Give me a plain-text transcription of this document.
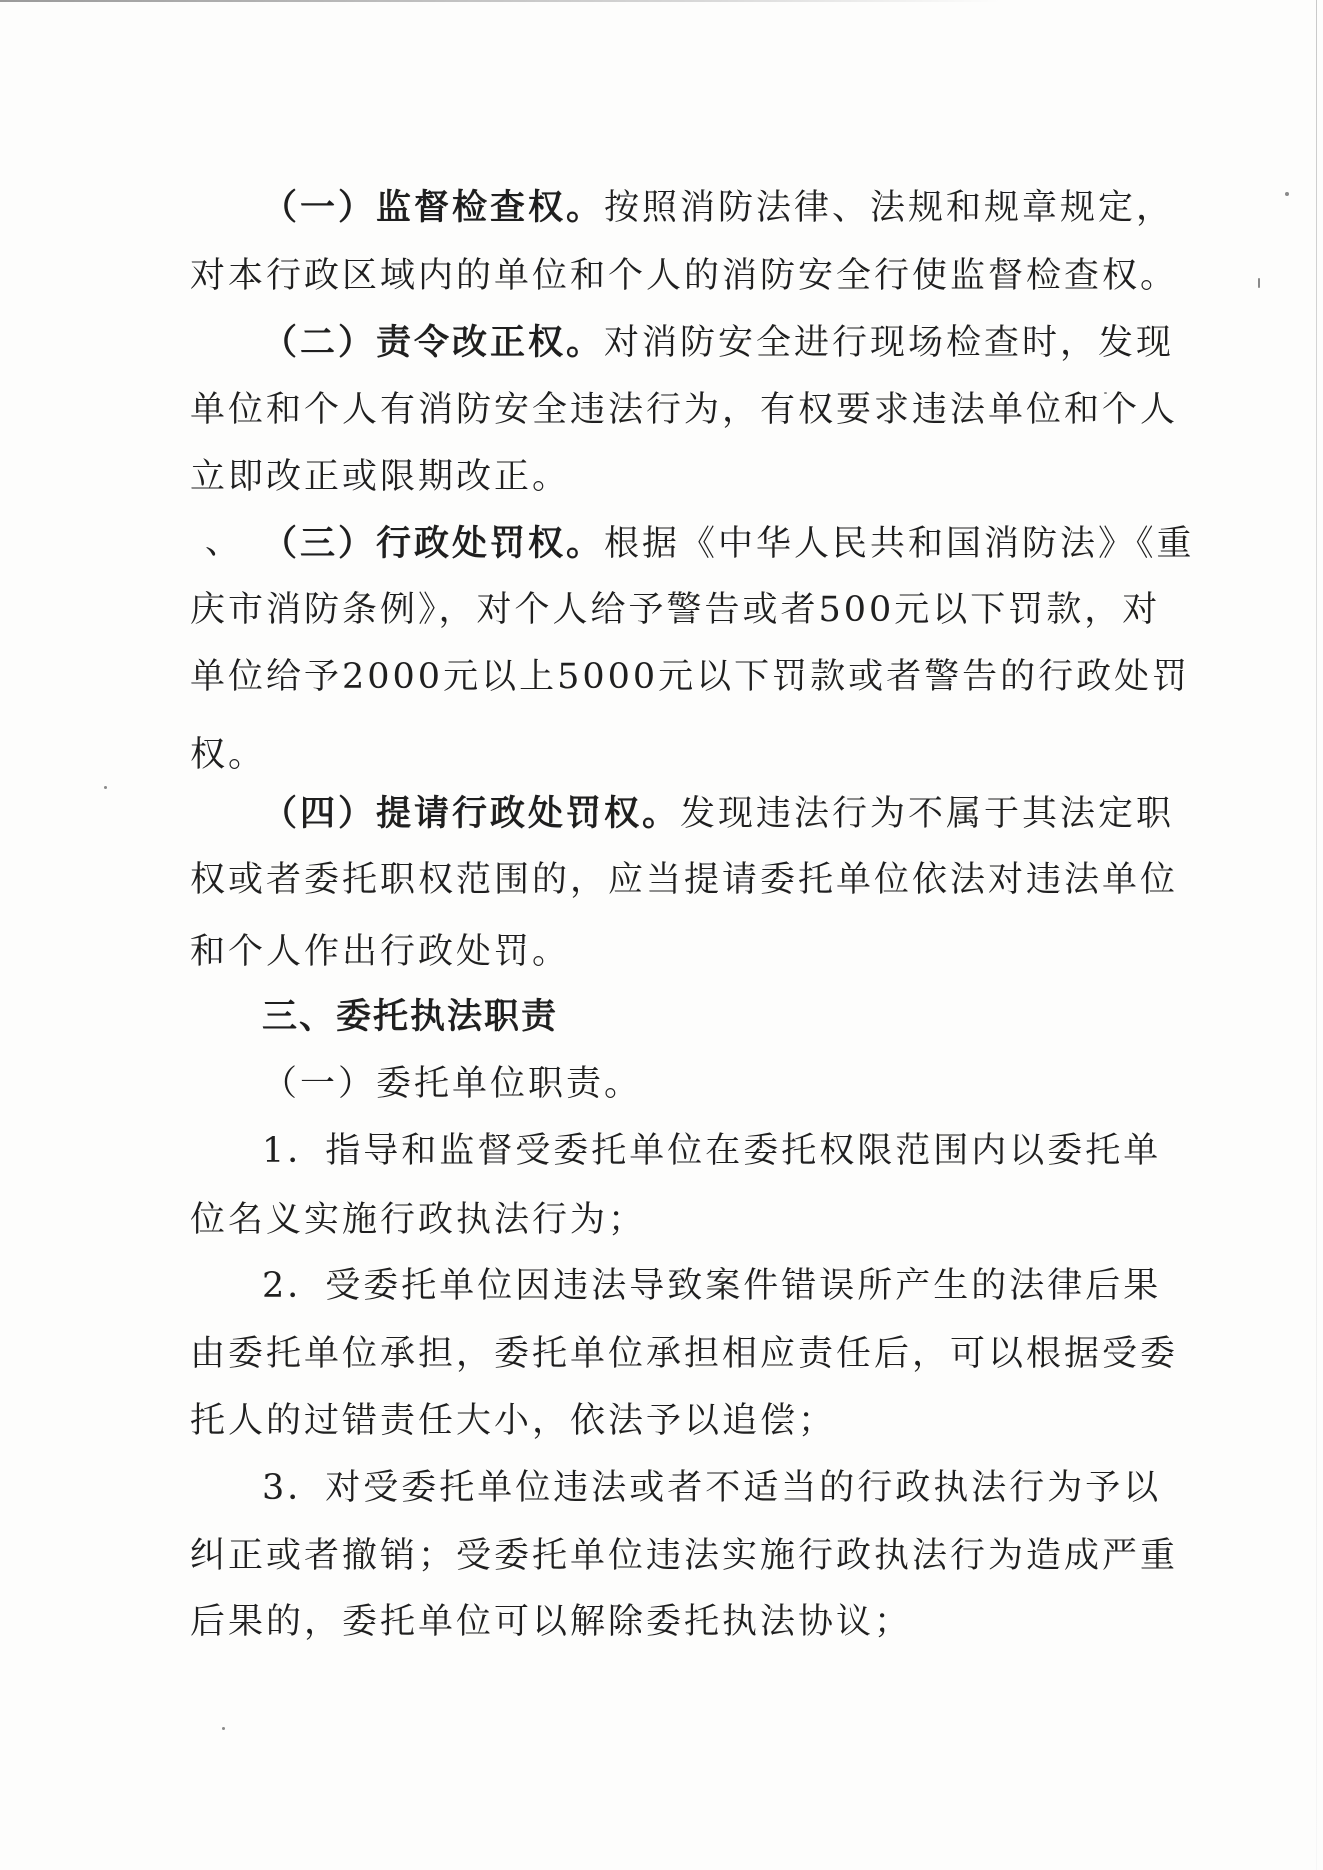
（一）监督检查权。按照消防法律、法规和规章规定，

对本行政区域内的单位和个人的消防安全行使监督检查权。

（二）责令改正权。对消防安全进行现场检查时，发现

单位和个人有消防安全违法行为，有权要求违法单位和个人

立即改正或限期改正。

、 （三）行政处罚权。根据《中华人民共和国消防法》《重

庆市消防条例》，对个人给予警告或者500元以下罚款，对

单位给予2000元以上5000元以下罚款或者警告的行政处罚

权。

（四）提请行政处罚权。发现违法行为不属于其法定职

权或者委托职权范围的，应当提请委托单位依法对违法单位

和个人作出行政处罚。

三、委托执法职责

（一）委托单位职责。

1．指导和监督受委托单位在委托权限范围内以委托单

位名义实施行政执法行为；

2．受委托单位因违法导致案件错误所产生的法律后果

由委托单位承担，委托单位承担相应责任后，可以根据受委

托人的过错责任大小，依法予以追偿；

3．对受委托单位违法或者不适当的行政执法行为予以

纠正或者撤销；受委托单位违法实施行政执法行为造成严重

后果的，委托单位可以解除委托执法协议；
